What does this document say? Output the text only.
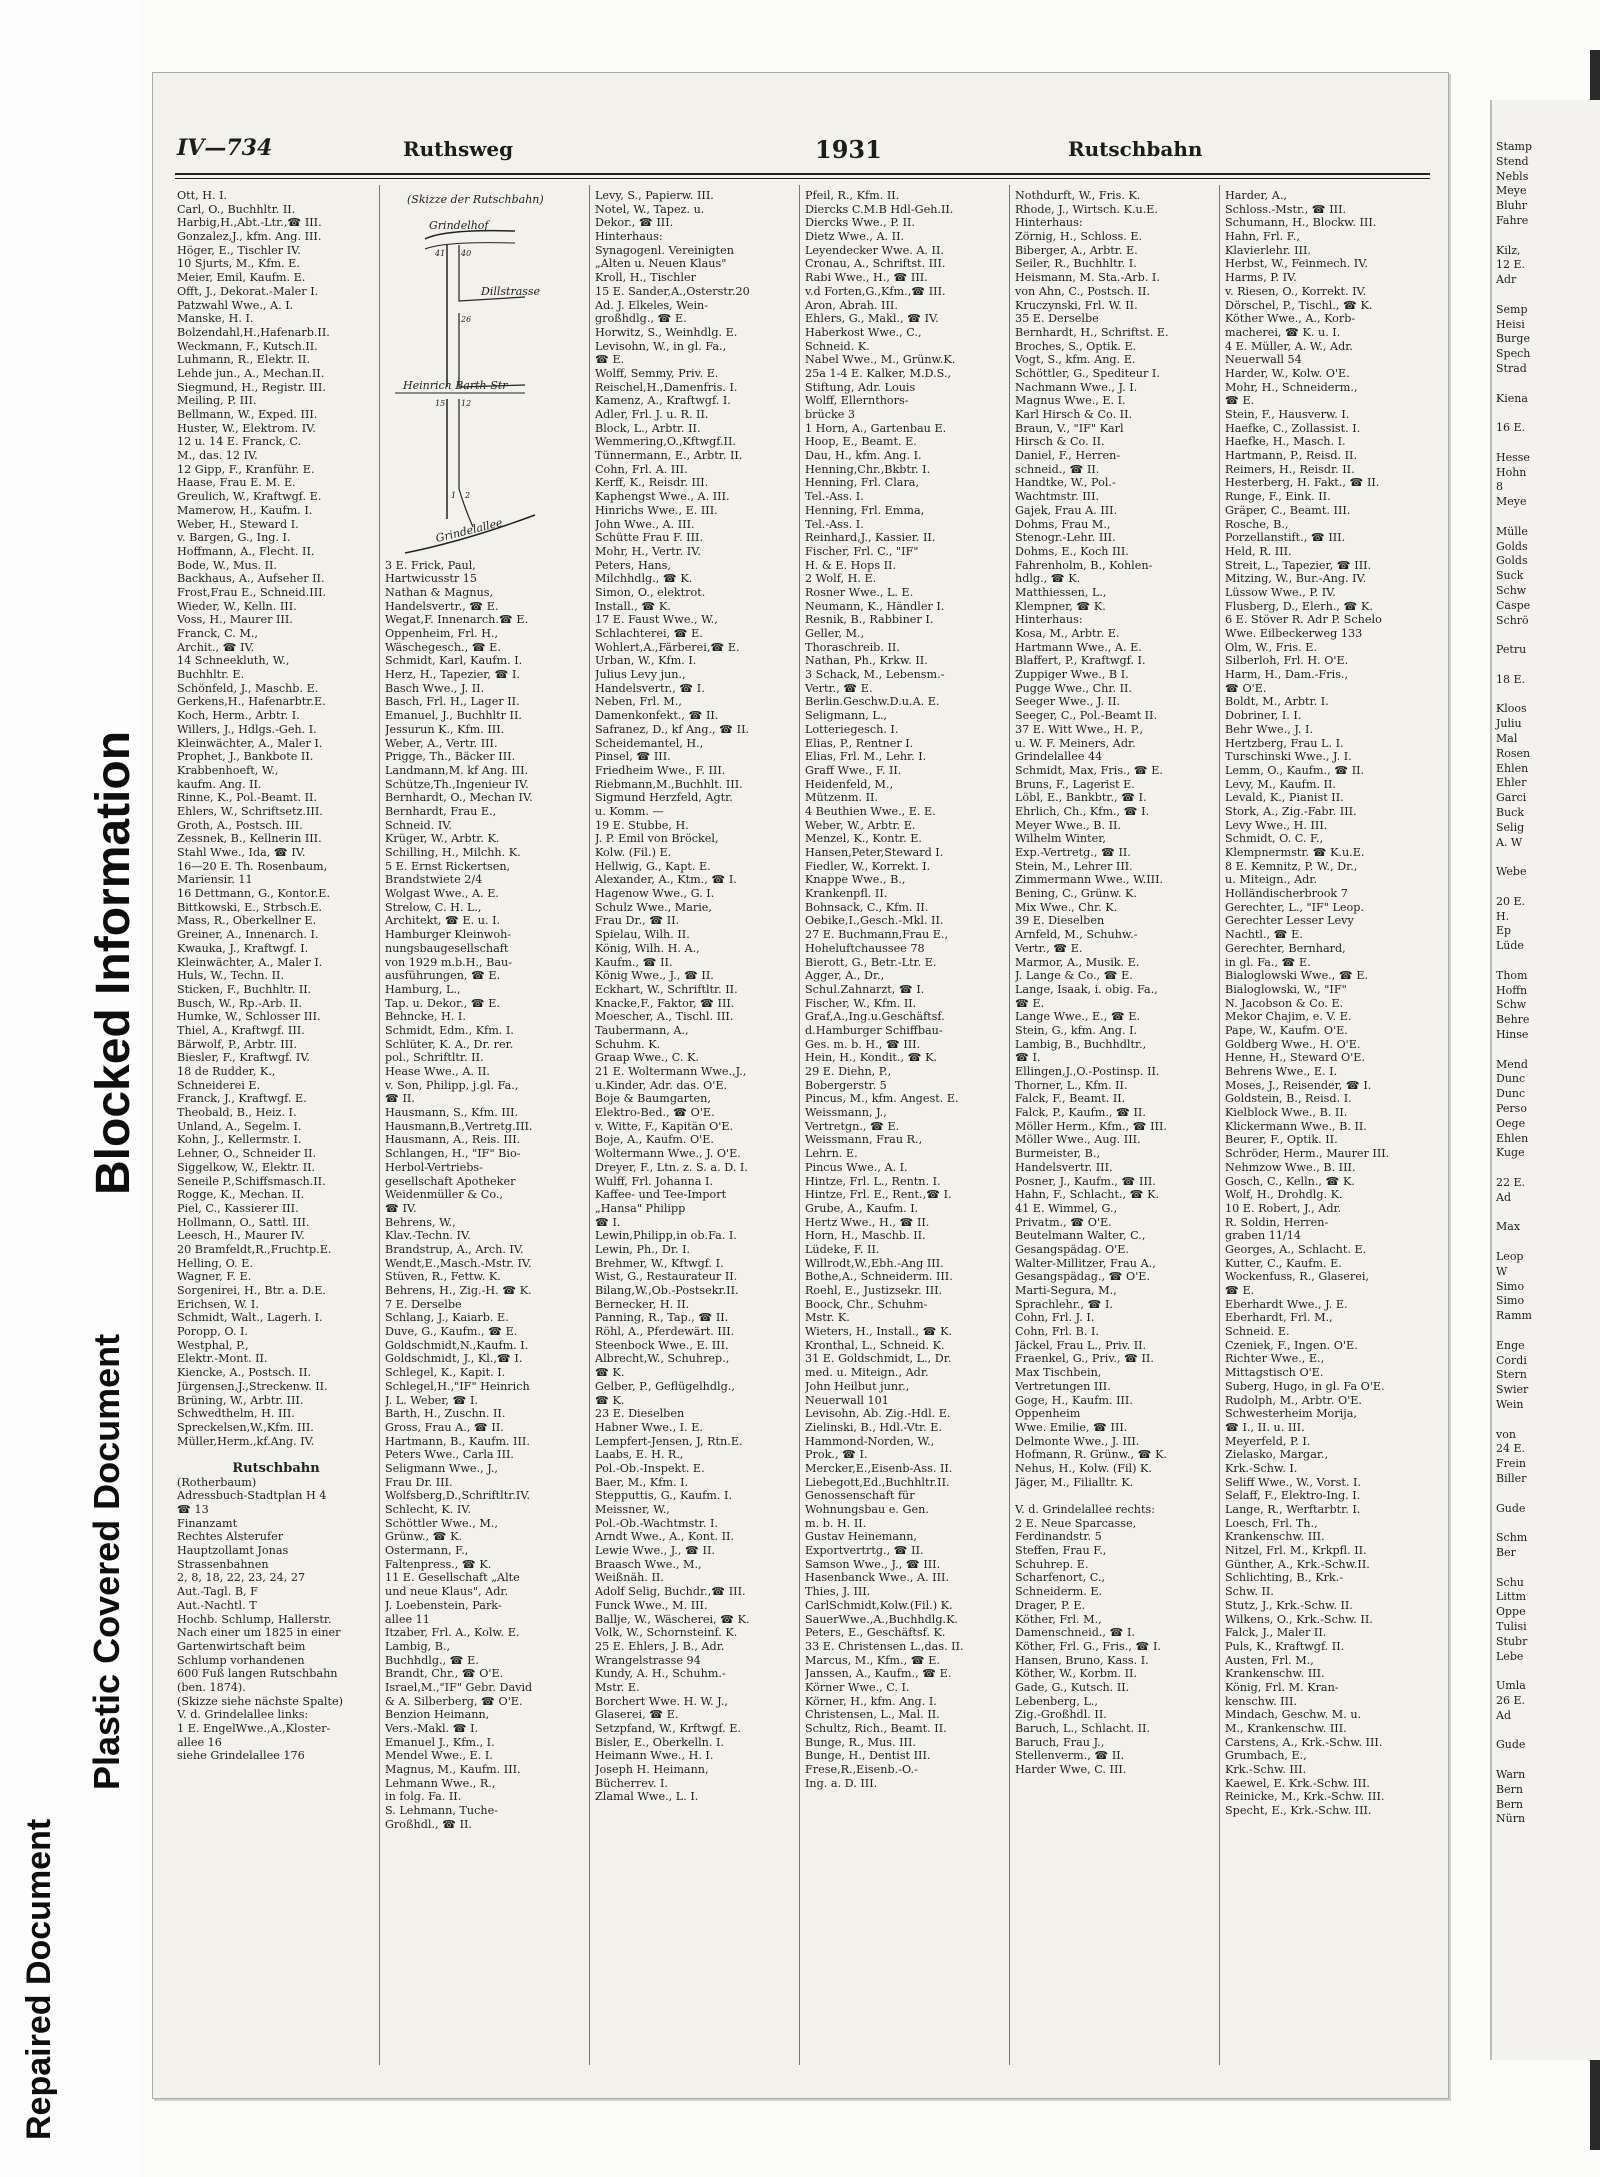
Repaired Document
Plastic Covered Document
Blocked Information
Stamp
Stend
Nebls
Meye
Bluhr
Fahre
Kilz,
12 E.
Adr
Semp
Heisi
Burge
Spech
Strad
Kiena
16 E.
Hesse
Hohn
8
Meye
Mülle
Golds
Golds
Suck
Schw
Caspe
Schrö
Petru
18 E.
Kloos
Juliu
Mal
Rosen
Ehlen
Ehler
Garci
Buck
Selig
A. W
Webe
20 E.
H.
Ep
Lüde
Thom
Hoffn
Schw
Behre
Hinse
Mend
Dunc
Dunc
Perso
Oege
Ehlen
Kuge
22 E.
Ad
Max
Leop
W
Simo
Simo
Ramm
Enge
Cordi
Stern
Swier
Wein
von
24 E.
Frein
Biller
Gude
Schm
Ber
Schu
Littm
Oppe
Tulisi
Stubr
Lebe
Umla
26 E.
Ad
Gude
Warn
Bern
Bern
Nürn
IV—734	Ruthsweg	1931	Rutschbahn
Ott, H. I.
Carl, O., Buchhltr. II.
Harbig,H.,Abt.-Ltr.,☎ III.
Gonzalez,J., kfm. Ang. III.
Höger, E., Tischler IV.
10 Sjurts, M., Kfm. E.
Meier, Emil, Kaufm. E.
Offt, J., Dekorat.-Maler I.
Patzwahl Wwe., A. I.
Manske, H. I.
Bolzendahl,H.,Hafenarb.II.
Weckmann, F., Kutsch.II.
Luhmann, R., Elektr. II.
Lehde jun., A., Mechan.II.
Siegmund, H., Registr. III.
Meiling, P. III.
Bellmann, W., Exped. III.
Huster, W., Elektrom. IV.
12 u. 14 E. Franck, C.
M., das. 12 IV.
12 Gipp, F., Kranführ. E.
Haase, Frau E. M. E.
Greulich, W., Kraftwgf. E.
Mamerow, H., Kaufm. I.
Weber, H., Steward I.
v. Bargen, G., Ing. I.
Hoffmann, A., Flecht. II.
Bode, W., Mus. II.
Backhaus, A., Aufseher II.
Frost,Frau E., Schneid.III.
Wieder, W., Kelln. III.
Voss, H., Maurer III.
Franck, C. M.,
Archit., ☎ IV.
14 Schneekluth, W.,
Buchhltr. E.
Schönfeld, J., Maschb. E.
Gerkens,H., Hafenarbtr.E.
Koch, Herm., Arbtr. I.
Willers, J., Hdlgs.-Geh. I.
Kleinwächter, A., Maler I.
Prophet, J., Bankbote II.
Krabbenhoeft, W.,
kaufm. Ang. II.
Rinne, K., Pol.-Beamt. II.
Ehlers, W., Schriftsetz.III.
Groth, A., Postsch. III.
Zessnek, B., Kellnerin III.
Stahl Wwe., Ida, ☎ IV.
16—20 E. Th. Rosenbaum,
Mariensir. 11
16 Dettmann, G., Kontor.E.
Bittkowski, E., Strbsch.E.
Mass, R., Oberkellner E.
Greiner, A., Innenarch. I.
Kwauka, J., Kraftwgf. I.
Kleinwächter, A., Maler I.
Huls, W., Techn. II.
Sticken, F., Buchhltr. II.
Busch, W., Rp.-Arb. II.
Humke, W., Schlosser III.
Thiel, A., Kraftwgf. III.
Bärwolf, P., Arbtr. III.
Biesler, F., Kraftwgf. IV.
18 de Rudder, K.,
Schneiderei E.
Franck, J., Kraftwgf. E.
Theobald, B., Heiz. I.
Unland, A., Segelm. I.
Kohn, J., Kellermstr. I.
Lehner, O., Schneider II.
Siggelkow, W., Elektr. II.
Seneile P.,Schiffsmasch.II.
Rogge, K., Mechan. II.
Piel, C., Kassierer III.
Hollmann, O., Sattl. III.
Leesch, H., Maurer IV.
20 Bramfeldt,R.,Fruchtp.E.
Helling, O. E.
Wagner, F. E.
Sorgenirei, H., Btr. a. D.E.
Erichsen, W. I.
Schmidt, Walt., Lagerh. I.
Poropp, O. I.
Westphal, P.,
Elektr.-Mont. II.
Kiencke, A., Postsch. II.
Jürgensen,J.,Streckenw. II.
Brüning, W., Arbtr. III.
Schwedthelm, H. III.
Spreckelsen,W.,Kfm. III.
Müller,Herm.,kf.Ang. IV.
Rutschbahn
(Rotherbaum)
Adressbuch-Stadtplan H 4
☎ 13
Finanzamt
Rechtes Alsterufer
Hauptzollamt Jonas
Strassenbahnen
2, 8, 18, 22, 23, 24, 27
Aut.-Tagl. B, F
Aut.-Nachtl. T
Hochb. Schlump, Hallerstr.
Nach einer um 1825 in einer
Gartenwirtschaft beim
Schlump vorhandenen
600 Fuß langen Rutschbahn
(ben. 1874).
(Skizze siehe nächste Spalte)
V. d. Grindelallee links:
1 E. EngelWwe.,A.,Kloster-
allee 16
siehe Grindelallee 176
(Skizze der Rutschbahn)
Grindelhof
Dillstrasse
Heinrich Barth-Str
Grindelallee
41 40
26
15 12
1 2
3 E. Frick, Paul,
Hartwicusstr 15
Nathan & Magnus,
Handelsvertr., ☎ E.
Wegat,F. Innenarch.☎ E.
Oppenheim, Frl. H.,
Wäschegesch., ☎ E.
Schmidt, Karl, Kaufm. I.
Herz, H., Tapezier, ☎ I.
Basch Wwe., J. II.
Basch, Frl. H., Lager II.
Emanuel, J., Buchhltr II.
Jessurun K., Kfm. III.
Weber, A., Vertr. III.
Prigge, Th., Bäcker III.
Landmann,M. kf Ang. III.
Schütze,Th.,Ingenieur IV.
Bernhardt, O., Mechan IV.
Bernhardt, Frau E.,
Schneid. IV.
Krüger, W., Arbtr. K.
Schilling, H., Milchh. K.
5 E. Ernst Rickertsen,
Brandstwiete 2/4
Wolgast Wwe., A. E.
Strelow, C. H. L.,
Architekt, ☎ E. u. I.
Hamburger Kleinwoh-
nungsbaugesellschaft
von 1929 m.b.H., Bau-
ausführungen, ☎ E.
Hamburg, L.,
Tap. u. Dekor., ☎ E.
Behncke, H. I.
Schmidt, Edm., Kfm. I.
Schlüter, K. A., Dr. rer.
pol., Schriftltr. II.
Hease Wwe., A. II.
v. Son, Philipp, j.gl. Fa.,
☎ II.
Hausmann, S., Kfm. III.
Hausmann,B.,Vertretg.III.
Hausmann, A., Reis. III.
Schlangen, H., "IF" Bio-
Herbol-Vertriebs-
gesellschaft Apotheker
Weidenmüller & Co.,
☎ IV.
Behrens, W.,
Klav.-Techn. IV.
Brandstrup, A., Arch. IV.
Wendt,E.,Masch.-Mstr. IV.
Stüven, R., Fettw. K.
Behrens, H., Zig.-H. ☎ K.
7 E. Derselbe
Schlang, J., Kaiarb. E.
Duve, G., Kaufm., ☎ E.
Goldschmidt,N.,Kaufm. I.
Goldschmidt, J., Kl.,☎ I.
Schlegel, K., Kapit. I.
Schlegel,H.,"IF" Heinrich
J. L. Weber, ☎ I.
Barth, H., Zuschn. II.
Gross, Frau A., ☎ II.
Hartmann, B., Kaufm. III.
Peters Wwe., Carla III.
Seligmann Wwe., J.,
Frau Dr. III.
Wolfsberg,D.,Schriftltr.IV.
Schlecht, K. IV.
Schöttler Wwe., M.,
Grünw., ☎ K.
Ostermann, F.,
Faltenpress., ☎ K.
11 E. Gesellschaft „Alte
und neue Klaus", Adr.
J. Loebenstein, Park-
allee 11
Itzaber, Frl. A., Kolw. E.
Lambig, B.,
Buchhdlg., ☎ E.
Brandt, Chr., ☎ O'E.
Israel,M.,"IF" Gebr. David
& A. Silberberg, ☎ O'E.
Benzion Heimann,
Vers.-Makl. ☎ I.
Emanuel J., Kfm., I.
Mendel Wwe., E. I.
Magnus, M., Kaufm. III.
Lehmann Wwe., R.,
in folg. Fa. II.
S. Lehmann, Tuche-
Großhdl., ☎ II.
Levy, S., Papierw. III.
Notel, W., Tapez. u.
Dekor., ☎ III.
Hinterhaus:
Synagogenl. Vereinigten
„Alten u. Neuen Klaus"
Kroll, H., Tischler
15 E. Sander,A.,Osterstr.20
Ad. J. Elkeles, Wein-
großhdlg., ☎ E.
Horwitz, S., Weinhdlg. E.
Levisohn, W., in gl. Fa.,
☎ E.
Wolff, Semmy, Priv. E.
Reischel,H.,Damenfris. I.
Kamenz, A., Kraftwgf. I.
Adler, Frl. J. u. R. II.
Block, L., Arbtr. II.
Wemmering,O.,Kftwgf.II.
Tünnermann, E., Arbtr. II.
Cohn, Frl. A. III.
Kerff, K., Reisdr. III.
Kaphengst Wwe., A. III.
Hinrichs Wwe., E. III.
John Wwe., A. III.
Schütte Frau F. III.
Mohr, H., Vertr. IV.
Peters, Hans,
Milchhdlg., ☎ K.
Simon, O., elektrot.
Install., ☎ K.
17 E. Faust Wwe., W.,
Schlachterei, ☎ E.
Wohlert,A.,Färberei,☎ E.
Urban, W., Kfm. I.
Julius Levy jun.,
Handelsvertr., ☎ I.
Neben, Frl. M.,
Damenkonfekt., ☎ II.
Safranez, D., kf Ang., ☎ II.
Scheidemantel, H.,
Pinsel, ☎ III.
Friedheim Wwe., F. III.
Riebmann,M.,Buchhlt. III.
Sigmund Herzfeld, Agtr.
u. Komm. —
19 E. Stubbe, H.
J. P. Emil von Bröckel,
Kolw. (Fil.) E.
Hellwig, G., Kapt. E.
Alexander, A., Ktm., ☎ I.
Hagenow Wwe., G. I.
Schulz Wwe., Marie,
Frau Dr., ☎ II.
Spielau, Wilh. II.
König, Wilh. H. A.,
Kaufm., ☎ II.
König Wwe., J., ☎ II.
Eckhart, W., Schriftltr. II.
Knacke,F., Faktor, ☎ III.
Moescher, A., Tischl. III.
Taubermann, A.,
Schuhm. K.
Graap Wwe., C. K.
21 E. Woltermann Wwe.,J.,
u.Kinder, Adr. das. O'E.
Boje & Baumgarten,
Elektro-Bed., ☎ O'E.
v. Witte, F., Kapitän O'E.
Boje, A., Kaufm. O'E.
Woltermann Wwe., J. O'E.
Dreyer, F., Ltn. z. S. a. D. I.
Wulff, Frl. Johanna I.
Kaffee- und Tee-Import
„Hansa" Philipp
☎ I.
Lewin,Philipp,in ob.Fa. I.
Lewin, Ph., Dr. I.
Brehmer, W., Kftwgf. I.
Wist, G., Restaurateur II.
Bilang,W.,Ob.-Postsekr.II.
Bernecker, H. II.
Panning, R., Tap., ☎ II.
Röhl, A., Pferdewärt. III.
Steenbock Wwe., E. III.
Albrecht,W., Schuhrep.,
☎ K.
Gelber, P., Geflügelhdlg.,
☎ K.
23 E. Dieselben
Habner Wwe., I. E.
Lempfert-Jensen, J, Rtn.E.
Laabs, E. H. R.,
Pol.-Ob.-Inspekt. E.
Baer, M., Kfm. I.
Stepputtis, G., Kaufm. I.
Meissner, W.,
Pol.-Ob.-Wachtmstr. I.
Arndt Wwe., A., Kont. II.
Lewie Wwe., J., ☎ II.
Braasch Wwe., M.,
Weißnäh. II.
Adolf Selig, Buchdr.,☎ III.
Funck Wwe., M. III.
Ballje, W., Wäscherei, ☎ K.
Volk, W., Schornsteinf. K.
25 E. Ehlers, J. B., Adr.
Wrangelstrasse 94
Kundy, A. H., Schuhm.-
Mstr. E.
Borchert Wwe. H. W. J.,
Glaserei, ☎ E.
Setzpfand, W., Krftwgf. E.
Bisler, E., Oberkelln. I.
Heimann Wwe., H. I.
Joseph H. Heimann,
Bücherrev. I.
Zlamal Wwe., L. I.
Pfeil, R., Kfm. II.
Diercks C.M.B Hdl-Geh.II.
Diercks Wwe., P. II.
Dietz Wwe., A. II.
Leyendecker Wwe. A. II.
Cronau, A., Schriftst. III.
Rabi Wwe., H., ☎ III.
v.d Forten,G.,Kfm.,☎ III.
Aron, Abrah. III.
Ehlers, G., Makl., ☎ IV.
Haberkost Wwe., C.,
Schneid. K.
Nabel Wwe., M., Grünw.K.
25a 1-4 E. Kalker, M.D.S.,
Stiftung, Adr. Louis
Wolff, Ellernthors-
brücke 3
1 Horn, A., Gartenbau E.
Hoop, E., Beamt. E.
Dau, H., kfm. Ang. I.
Henning,Chr.,Bkbtr. I.
Henning, Frl. Clara,
Tel.-Ass. I.
Henning, Frl. Emma,
Tel.-Ass. I.
Reinhard,J., Kassier. II.
Fischer, Frl. C., "IF"
H. & E. Hops II.
2 Wolf, H. E.
Rosner Wwe., L. E.
Neumann, K., Händler I.
Resnik, B., Rabbiner I.
Geller, M.,
Thoraschreib. II.
Nathan, Ph., Krkw. II.
3 Schack, M., Lebensm.-
Vertr., ☎ E.
Berlin.Geschw.D.u.A. E.
Seligmann, L.,
Lotteriegesch. I.
Elias, P., Rentner I.
Elias, Frl. M., Lehr. I.
Graff Wwe., F. II.
Heidenfeld, M.,
Mützenm. II.
4 Beuthien Wwe., E. E.
Weber, W., Arbtr. E.
Menzel, K., Kontr. E.
Hansen,Peter,Steward I.
Fiedler, W., Korrekt. I.
Knappe Wwe., B.,
Krankenpfl. II.
Bohnsack, C., Kfm. II.
Oebike,I.,Gesch.-Mkl. II.
27 E. Buchmann,Frau E.,
Hoheluftchaussee 78
Bierott, G., Betr.-Ltr. E.
Agger, A., Dr.,
Schul.Zahnarzt, ☎ I.
Fischer, W., Kfm. II.
Graf,A.,Ing.u.Geschäftsf.
d.Hamburger Schiffbau-
Ges. m. b. H., ☎ III.
Hein, H., Kondit., ☎ K.
29 E. Diehn, P.,
Bobergerstr. 5
Pincus, M., kfm. Angest. E.
Weissmann, J.,
Vertretgn., ☎ E.
Weissmann, Frau R.,
Lehrn. E.
Pincus Wwe., A. I.
Hintze, Frl. L., Rentn. I.
Hintze, Frl. E., Rent.,☎ I.
Grube, A., Kaufm. I.
Hertz Wwe., H., ☎ II.
Horn, H., Maschb. II.
Lüdeke, F. II.
Willrodt,W.,Ebh.-Ang III.
Bothe,A., Schneiderm. III.
Roehl, E., Justizsekr. III.
Boock, Chr., Schuhm-
Mstr. K.
Wieters, H., Install., ☎ K.
Kronthal, L., Schneid. K.
31 E. Goldschmidt, L., Dr.
med. u. Miteign., Adr.
John Heilbut junr.,
Neuerwall 101
Levisohn, Ab. Zig.-Hdl. E.
Zielinski, B., Hdl.-Vtr. E.
Hammond-Norden, W.,
Prok., ☎ I.
Mercker,E.,Eisenb-Ass. II.
Liebegott,Ed.,Buchhltr.II.
Genossenschaft für
Wohnungsbau e. Gen.
m. b. H. II.
Gustav Heinemann,
Exportvertrtg., ☎ II.
Samson Wwe., J., ☎ III.
Hasenbanck Wwe., A. III.
Thies, J. III.
CarlSchmidt,Kolw.(Fil.) K.
SauerWwe.,A.,Buchhdlg.K.
Peters, E., Geschäftsf. K.
33 E. Christensen L.,das. II.
Marcus, M., Kfm., ☎ E.
Janssen, A., Kaufm., ☎ E.
Körner Wwe., C. I.
Körner, H., kfm. Ang. I.
Christensen, L., Mal. II.
Schultz, Rich., Beamt. II.
Bunge, R., Mus. III.
Bunge, H., Dentist III.
Frese,R.,Eisenb.-O.-
Ing. a. D. III.
Nothdurft, W., Fris. K.
Rhode, J., Wirtsch. K.u.E.
Hinterhaus:
Zörnig, H., Schloss. E.
Biberger, A., Arbtr. E.
Seiler, R., Buchhltr. I.
Heismann, M. Sta.-Arb. I.
von Ahn, C., Postsch. II.
Kruczynski, Frl. W. II.
35 E. Derselbe
Bernhardt, H., Schriftst. E.
Broches, S., Optik. E.
Vogt, S., kfm. Ang. E.
Schöttler, G., Spediteur I.
Nachmann Wwe., J. I.
Magnus Wwe., E. I.
Karl Hirsch & Co. II.
Braun, V., "IF" Karl
Hirsch & Co. II.
Daniel, F., Herren-
schneid., ☎ II.
Handtke, W., Pol.-
Wachtmstr. III.
Gajek, Frau A. III.
Dohms, Frau M.,
Stenogr.-Lehr. III.
Dohms, E., Koch III.
Fahrenholm, B., Kohlen-
hdlg., ☎ K.
Matthiessen, L.,
Klempner, ☎ K.
Hinterhaus:
Kosa, M., Arbtr. E.
Hartmann Wwe., A. E.
Blaffert, P., Kraftwgf. I.
Zuppiger Wwe., B I.
Pugge Wwe., Chr. II.
Seeger Wwe., J. II.
Seeger, C., Pol.-Beamt II.
37 E. Witt Wwe., H. P.,
u. W. F. Meiners, Adr.
Grindelallee 44
Schmidt, Max, Fris., ☎ E.
Bruns, F., Lagerist E.
Löbl, E., Bankbtr., ☎ I.
Ehrlich, Ch., Kfm., ☎ I.
Meyer Wwe., B. II.
Wilhelm Winter,
Exp.-Vertretg., ☎ II.
Stein, M., Lehrer III.
Zimmermann Wwe., W.III.
Bening, C., Grünw. K.
Mix Wwe., Chr. K.
39 E. Dieselben
Arnfeld, M., Schuhw.-
Vertr., ☎ E.
Marmor, A., Musik. E.
J. Lange & Co., ☎ E.
Lange, Isaak, i. obig. Fa.,
☎ E.
Lange Wwe., E., ☎ E.
Stein, G., kfm. Ang. I.
Lambig, B., Buchhdltr.,
☎ I.
Ellingen,J.,O.-Postinsp. II.
Thorner, L., Kfm. II.
Falck, F., Beamt. II.
Falck, P., Kaufm., ☎ II.
Möller Herm., Kfm., ☎ III.
Möller Wwe., Aug. III.
Burmeister, B.,
Handelsvertr. III.
Posner, J., Kaufm., ☎ III.
Hahn, F., Schlacht., ☎ K.
41 E. Wimmel, G.,
Privatm., ☎ O'E.
Beutelmann Walter, C.,
Gesangspädag. O'E.
Walter-Millitzer, Frau A.,
Gesangspädag., ☎ O'E.
Marti-Segura, M.,
Sprachlehr., ☎ I.
Cohn, Frl. J. I.
Cohn, Frl. B. I.
Jäckel, Frau L., Priv. II.
Fraenkel, G., Priv., ☎ II.
Max Tischbein,
Vertretungen III.
Goge, H., Kaufm. III.
Oppenheim
Wwe. Emilie, ☎ III.
Delmonte Wwe., J. III.
Hofmann, R. Grünw., ☎ K.
Nehus, H., Kolw. (Fil) K.
Jäger, M., Filialltr. K.
V. d. Grindelallee rechts:
2 E. Neue Sparcasse,
Ferdinandstr. 5
Steffen, Frau F.,
Schuhrep. E.
Scharfenort, C.,
Schneiderm. E.
Drager, P. E.
Köther, Frl. M.,
Damenschneid., ☎ I.
Köther, Frl. G., Fris., ☎ I.
Hansen, Bruno, Kass. I.
Köther, W., Korbm. II.
Gade, G., Kutsch. II.
Lebenberg, L.,
Zig.-Großhdl. II.
Baruch, L., Schlacht. II.
Baruch, Frau J.,
Stellenverm., ☎ II.
Harder Wwe, C. III.
Harder, A.,
Schloss.-Mstr., ☎ III.
Schumann, H., Blockw. III.
Hahn, Frl. F.,
Klavierlehr. III.
Herbst, W., Feinmech. IV.
Harms, P. IV.
v. Riesen, O., Korrekt. IV.
Dörschel, P., Tischl., ☎ K.
Köther Wwe., A., Korb-
macherei, ☎ K. u. I.
4 E. Müller, A. W., Adr.
Neuerwall 54
Harder, W., Kolw. O'E.
Mohr, H., Schneiderm.,
☎ E.
Stein, F., Hausverw. I.
Haefke, C., Zollassist. I.
Haefke, H., Masch. I.
Hartmann, P., Reisd. II.
Reimers, H., Reisdr. II.
Hesterberg, H. Fakt., ☎ II.
Runge, F., Eink. II.
Gräper, C., Beamt. III.
Rosche, B.,
Porzellanstift., ☎ III.
Held, R. III.
Streit, L., Tapezier, ☎ III.
Mitzing, W., Bur.-Ang. IV.
Lüssow Wwe., P. IV.
Flusberg, D., Elerh., ☎ K.
6 E. Stöver R. Adr P. Schelo
Wwe. Eilbeckerweg 133
Olm, W., Fris. E.
Silberloh, Frl. H. O'E.
Harm, H., Dam.-Fris.,
☎ O'E.
Boldt, M., Arbtr. I.
Dobriner, I. I.
Behr Wwe., J. I.
Hertzberg, Frau L. I.
Turschinski Wwe., J. I.
Lemm, O., Kaufm., ☎ II.
Levy, M., Kaufm. II.
Levald, K., Pianist II.
Stork, A., Zig.-Fabr. III.
Levy Wwe., H. III.
Schmidt, O. C. F.,
Klempnermstr. ☎ K.u.E.
8 E. Kemnitz, P. W., Dr.,
u. Miteign., Adr.
Holländischerbrook 7
Gerechter, L., "IF" Leop.
Gerechter Lesser Levy
Nachtl., ☎ E.
Gerechter, Bernhard,
in gl. Fa., ☎ E.
Bialoglowski Wwe., ☎ E.
Bialoglowski, W., "IF"
N. Jacobson & Co. E.
Mekor Chajim, e. V. E.
Pape, W., Kaufm. O'E.
Goldberg Wwe., H. O'E.
Henne, H., Steward O'E.
Behrens Wwe., E. I.
Moses, J., Reisender, ☎ I.
Goldstein, B., Reisd. I.
Kielblock Wwe., B. II.
Klickermann Wwe., B. II.
Beurer, F., Optik. II.
Schröder, Herm., Maurer III.
Nehmzow Wwe., B. III.
Gosch, C., Kelln., ☎ K.
Wolf, H., Drohdlg. K.
10 E. Robert, J., Adr.
R. Soldin, Herren-
graben 11/14
Georges, A., Schlacht. E.
Kutter, C., Kaufm. E.
Wockenfuss, R., Glaserei,
☎ E.
Eberhardt Wwe., J. E.
Eberhardt, Frl. M.,
Schneid. E.
Czeniek, F., Ingen. O'E.
Richter Wwe., E.,
Mittagstisch O'E.
Suberg, Hugo, in gl. Fa O'E.
Rudolph, M., Arbtr. O'E.
Schwesterheim Morija,
☎ I., II. u. III.
Meyerfeld, P. I.
Zielasko, Margar.,
Krk.-Schw. I.
Seliff Wwe., W., Vorst. I.
Selaff, F., Elektro-Ing. I.
Lange, R., Werftarbtr. I.
Loesch, Frl. Th.,
Krankenschw. III.
Nitzel, Frl. M., Krkpfl. II.
Günther, A., Krk.-Schw.II.
Schlichting, B., Krk.-
Schw. II.
Stutz, J., Krk.-Schw. II.
Wilkens, O., Krk.-Schw. II.
Falck, J., Maler II.
Puls, K., Kraftwgf. II.
Austen, Frl. M.,
Krankenschw. III.
König, Frl. M. Kran-
kenschw. III.
Mindach, Geschw. M. u.
M., Krankenschw. III.
Carstens, A., Krk.-Schw. III.
Grumbach, E.,
Krk.-Schw. III.
Kaewel, E. Krk.-Schw. III.
Reinicke, M., Krk.-Schw. III.
Specht, E., Krk.-Schw. III.
